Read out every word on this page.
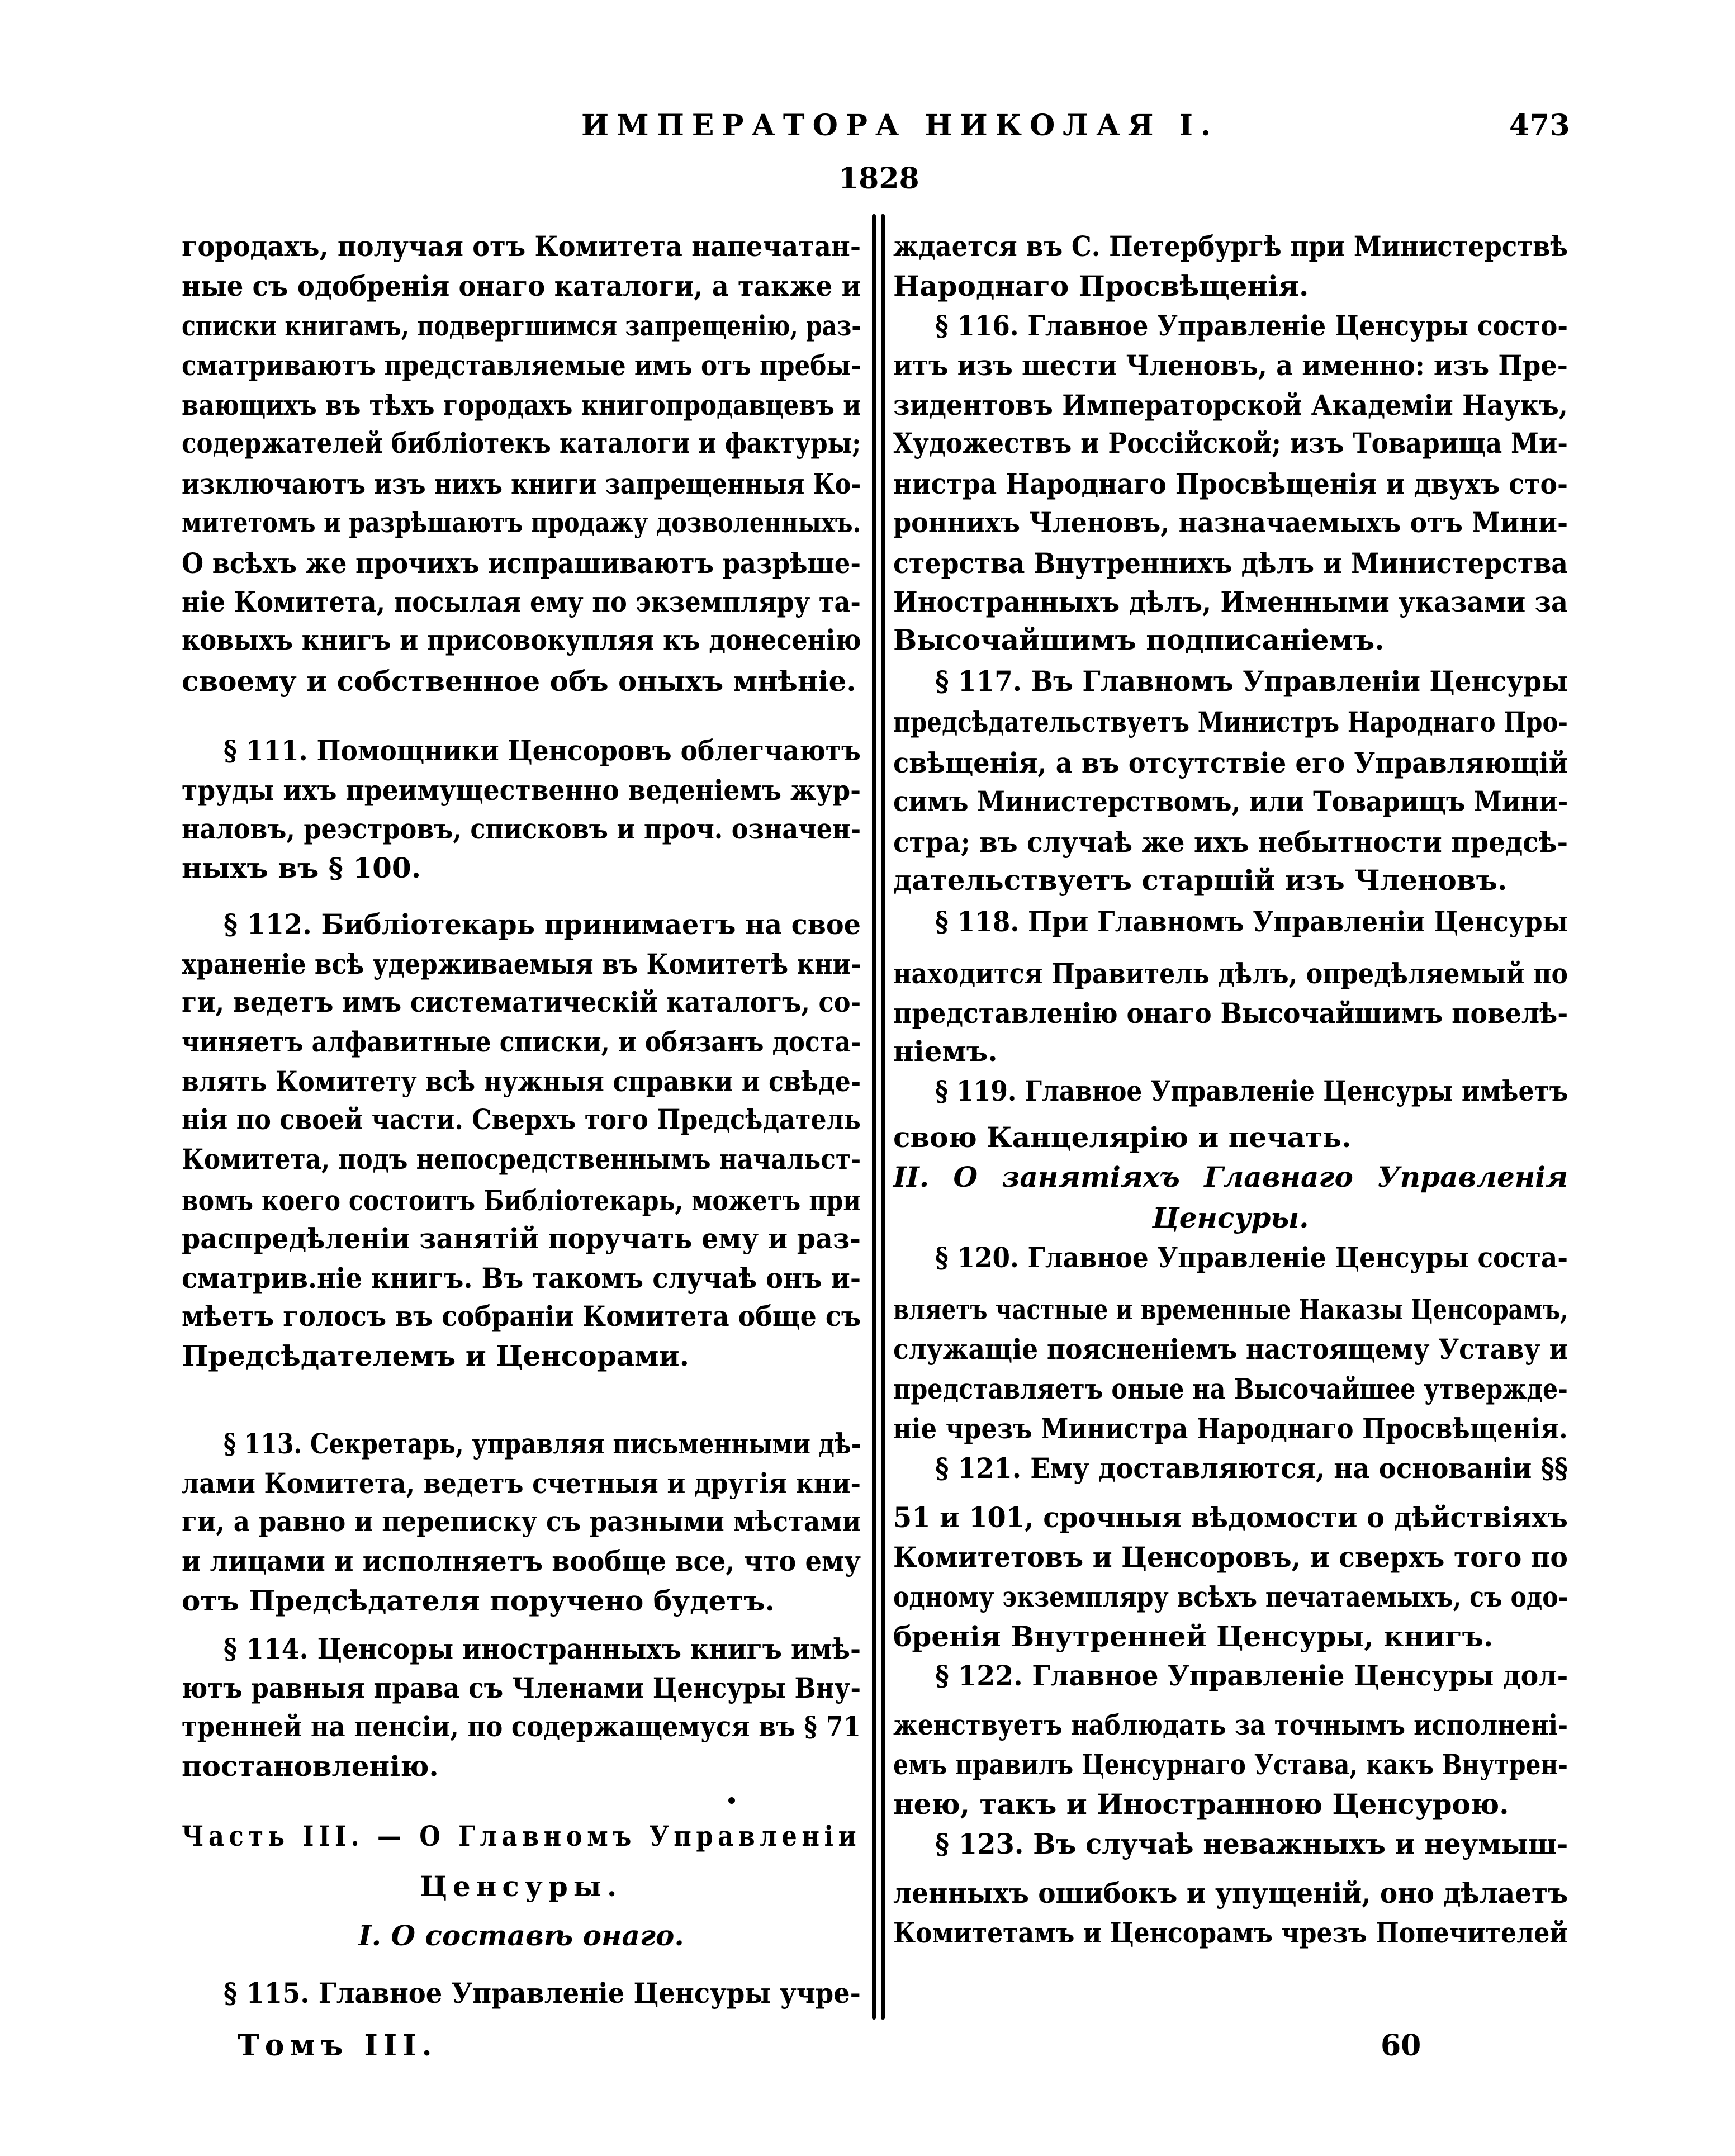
ИМПЕРАТОРА НИКОЛАЯ I.	473
1828
городахъ, получая отъ Комитета напечатан-
ные съ одобренія онаго каталоги, а также и
списки книгамъ, подвергшимся запрещенію, раз-
сматриваютъ представляемые имъ отъ пребы-
вающихъ въ тѣхъ городахъ книгопродавцевъ и
содержателей библіотекъ каталоги и фактуры;
изключаютъ изъ нихъ книги запрещенныя Ко-
митетомъ и разрѣшаютъ продажу дозволенныхъ.
О всѣхъ же прочихъ испрашиваютъ разрѣше-
ніе Комитета, посылая ему по экземпляру та-
ковыхъ книгъ и присовокупляя къ донесенію
своему и собственное объ оныхъ мнѣніе.
§ 111. Помощники Ценсоровъ облегчаютъ
труды ихъ преимущественно веденіемъ жур-
наловъ, реэстровъ, списковъ и проч. означен-
ныхъ въ § 100.
§ 112. Библіотекарь принимаетъ на свое
храненіе всѣ удерживаемыя въ Комитетѣ кни-
ги, ведетъ имъ систематическій каталогъ, со-
чиняетъ алфавитные списки, и обязанъ доста-
влять Комитету всѣ нужныя справки и свѣде-
нія по своей части. Сверхъ того Предсѣдатель
Комитета, подъ непосредственнымъ начальст-
вомъ коего состоитъ Библіотекарь, можетъ при
распредѣленіи занятій поручать ему и раз-
сматрив.ніе книгъ. Въ такомъ случаѣ онъ и-
мѣетъ голосъ въ собраніи Комитета обще съ
Предсѣдателемъ и Ценсорами.
§ 113. Секретарь, управляя письменными дѣ-
лами Комитета, ведетъ счетныя и другія кни-
ги, а равно и переписку съ разными мѣстами
и лицами и исполняетъ вообще все, что ему
отъ Предсѣдателя поручено будетъ.
§ 114. Ценсоры иностранныхъ книгъ имѣ-
ютъ равныя права съ Членами Ценсуры Вну-
тренней на пенсіи, по содержащемуся въ § 71
постановленію.
Часть III. — О Главномъ Управленіи
Ценсуры.
I. О составѣ онаго.
§ 115. Главное Управленіе Ценсуры учре-
ждается въ С. Петербургѣ при Министерствѣ
Народнаго Просвѣщенія.
§ 116. Главное Управленіе Ценсуры состо-
итъ изъ шести Членовъ, а именно: изъ Пре-
зидентовъ Императорской Академіи Наукъ,
Художествъ и Россійской; изъ Товарища Ми-
нистра Народнаго Просвѣщенія и двухъ сто-
роннихъ Членовъ, назначаемыхъ отъ Мини-
стерства Внутреннихъ дѣлъ и Министерства
Иностранныхъ дѣлъ, Именными указами за
Высочайшимъ подписаніемъ.
§ 117. Въ Главномъ Управленіи Ценсуры
предсѣдательствуетъ Министръ Народнаго Про-
свѣщенія, а въ отсутствіе его Управляющій
симъ Министерствомъ, или Товарищъ Мини-
стра; въ случаѣ же ихъ небытности предсѣ-
дательствуетъ старшій изъ Членовъ.
§ 118. При Главномъ Управленіи Ценсуры
находится Правитель дѣлъ, опредѣляемый по
представленію онаго Высочайшимъ повелѣ-
ніемъ.
§ 119. Главное Управленіе Ценсуры имѣетъ
свою Канцелярію и печать.
II. О занятіяхъ Главнаго Управленія
Ценсуры.
§ 120. Главное Управленіе Ценсуры соста-
вляетъ частные и временные Наказы Ценсорамъ,
служащіе поясненіемъ настоящему Уставу и
представляетъ оные на Высочайшее утвержде-
ніе чрезъ Министра Народнаго Просвѣщенія.
§ 121. Ему доставляются, на основаніи §§
51 и 101, срочныя вѣдомости о дѣйствіяхъ
Комитетовъ и Ценсоровъ, и сверхъ того по
одному экземпляру всѣхъ печатаемыхъ, съ одо-
бренія Внутренней Ценсуры, книгъ.
§ 122. Главное Управленіе Ценсуры дол-
женствуетъ наблюдать за точнымъ исполненi-
емъ правилъ Ценсурнаго Устава, какъ Внутрен-
нею, такъ и Иностранною Ценсурою.
§ 123. Въ случаѣ неважныхъ и неумыш-
ленныхъ ошибокъ и упущеній, оно дѣлаетъ
Комитетамъ и Ценсорамъ чрезъ Попечителей
Томъ III.	60
